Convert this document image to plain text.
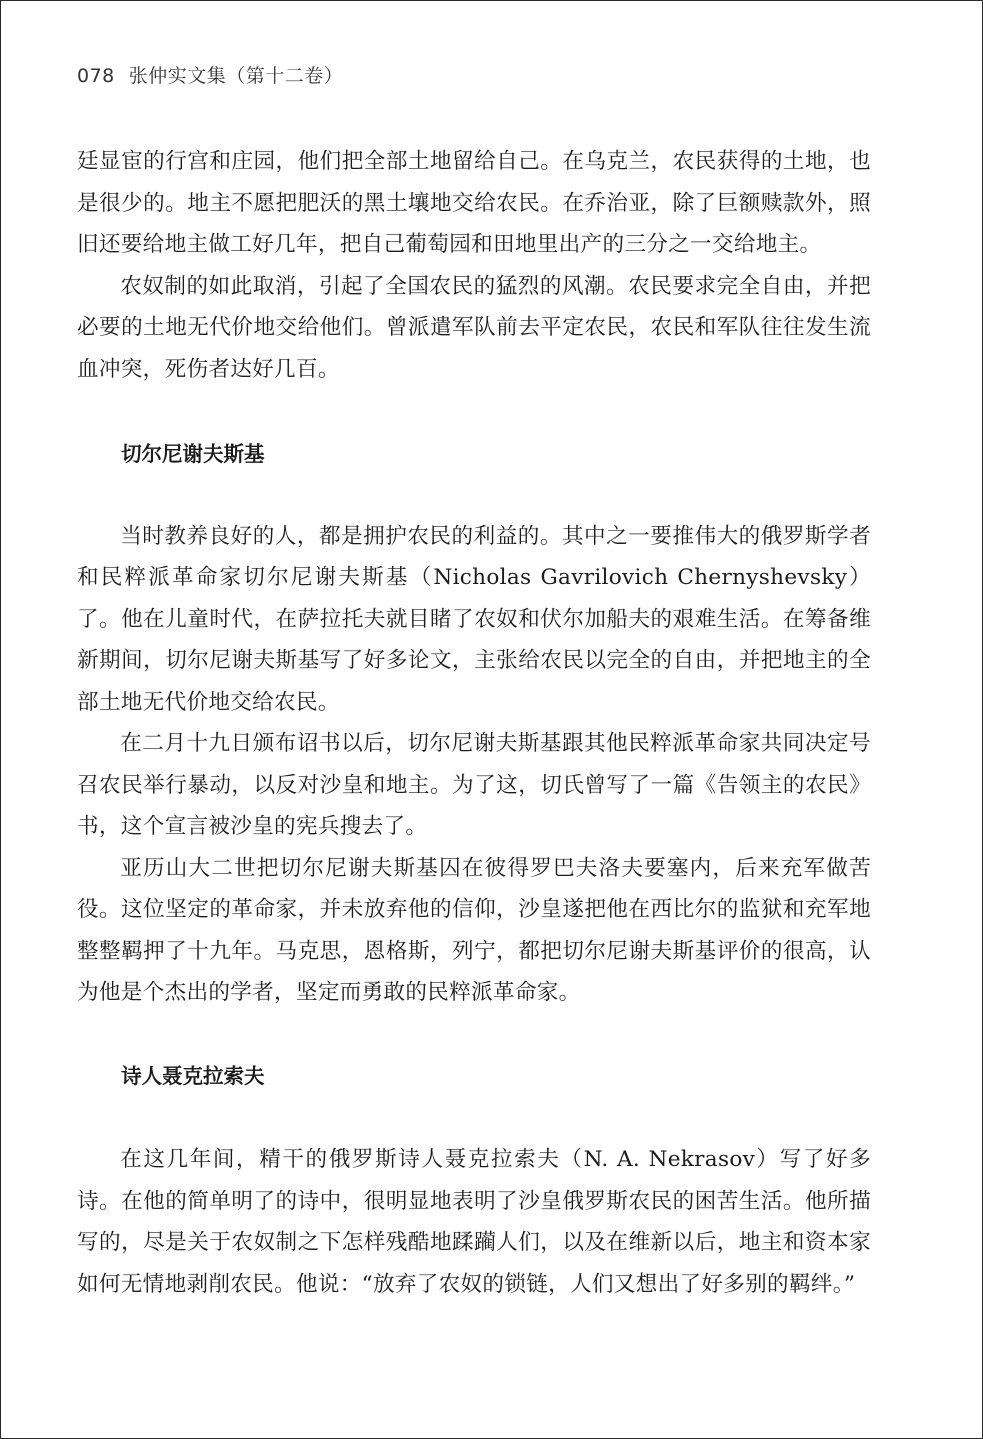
078 张仲实文集（第十二卷）

廷显宦的行宫和庄园，他们把全部土地留给自己。在乌克兰，农民获得的土地，也是很少的。地主不愿把肥沃的黑土壤地交给农民。在乔治亚，除了巨额赎款外，照旧还要给地主做工好几年，把自己葡萄园和田地里出产的三分之一交给地主。

农奴制的如此取消，引起了全国农民的猛烈的风潮。农民要求完全自由，并把必要的土地无代价地交给他们。曾派遣军队前去平定农民，农民和军队往往发生流血冲突，死伤者达好几百。

切尔尼谢夫斯基

当时教养良好的人，都是拥护农民的利益的。其中之一要推伟大的俄罗斯学者和民粹派革命家切尔尼谢夫斯基（Nicholas Gavrilovich Chernyshevsky）了。他在儿童时代，在萨拉托夫就目睹了农奴和伏尔加船夫的艰难生活。在筹备维新期间，切尔尼谢夫斯基写了好多论文，主张给农民以完全的自由，并把地主的全部土地无代价地交给农民。

在二月十九日颁布诏书以后，切尔尼谢夫斯基跟其他民粹派革命家共同决定号召农民举行暴动，以反对沙皇和地主。为了这，切氏曾写了一篇《告领主的农民》书，这个宣言被沙皇的宪兵搜去了。

亚历山大二世把切尔尼谢夫斯基囚在彼得罗巴夫洛夫要塞内，后来充军做苦役。这位坚定的革命家，并未放弃他的信仰，沙皇遂把他在西比尔的监狱和充军地整整羁押了十九年。马克思，恩格斯，列宁，都把切尔尼谢夫斯基评价的很高，认为他是个杰出的学者，坚定而勇敢的民粹派革命家。

诗人聂克拉索夫

在这几年间，精干的俄罗斯诗人聂克拉索夫（N. A. Nekrasov）写了好多诗。在他的简单明了的诗中，很明显地表明了沙皇俄罗斯农民的困苦生活。他所描写的，尽是关于农奴制之下怎样残酷地蹂躏人们，以及在维新以后，地主和资本家如何无情地剥削农民。他说：“放弃了农奴的锁链，人们又想出了好多别的羁绊。”
